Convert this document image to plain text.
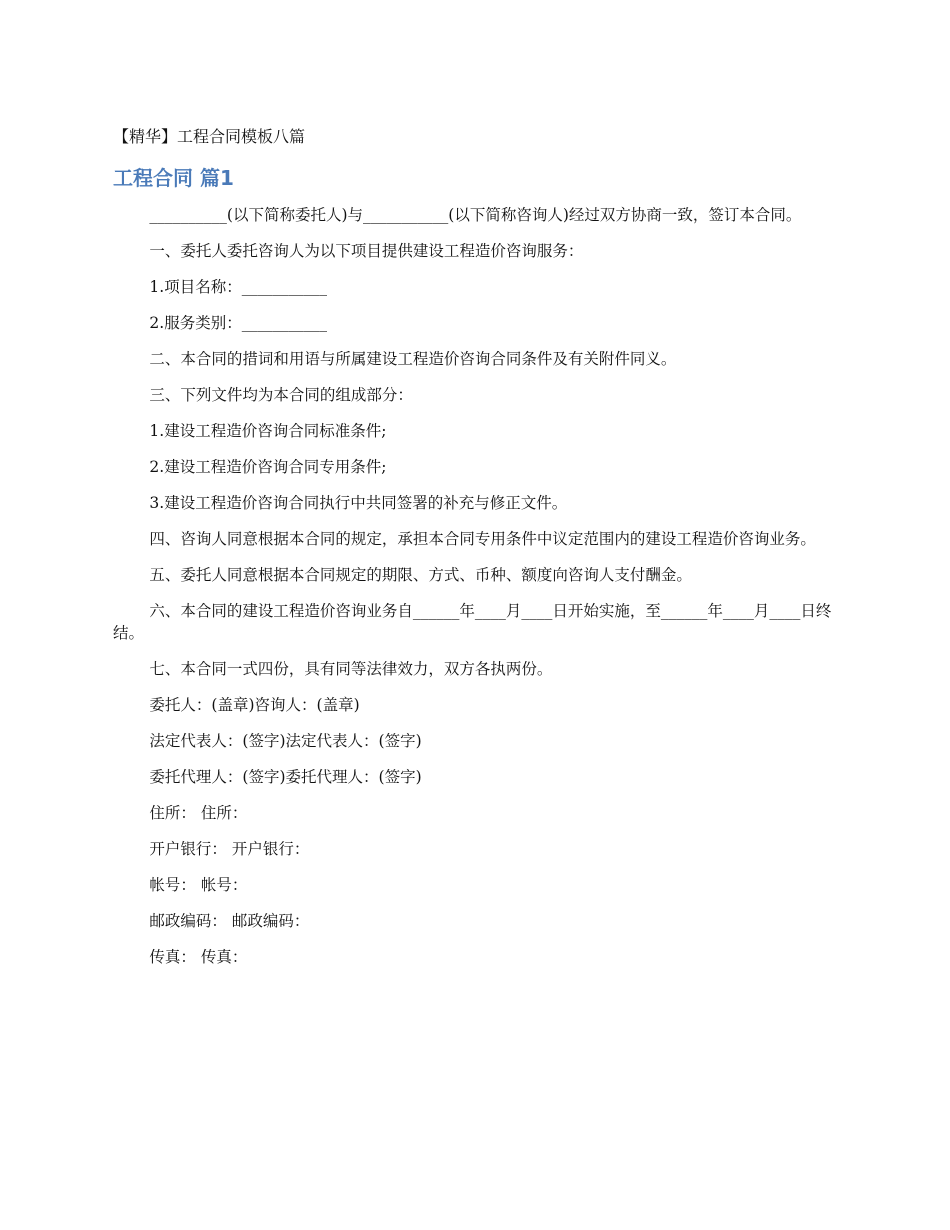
【精华】工程合同模板八篇
工程合同 篇1

__________(以下简称委托人)与___________(以下简称咨询人)经过双方协商一致，签订本合同。

一、委托人委托咨询人为以下项目提供建设工程造价咨询服务：

1.项目名称：___________

2.服务类别：___________

二、本合同的措词和用语与所属建设工程造价咨询合同条件及有关附件同义。

三、下列文件均为本合同的组成部分：

1.建设工程造价咨询合同标准条件;

2.建设工程造价咨询合同专用条件;

3.建设工程造价咨询合同执行中共同签署的补充与修正文件。

四、咨询人同意根据本合同的规定，承担本合同专用条件中议定范围内的建设工程造价咨询业务。

五、委托人同意根据本合同规定的期限、方式、币种、额度向咨询人支付酬金。

六、本合同的建设工程造价咨询业务自______年____月____日开始实施，至______年____月____日终结。

七、本合同一式四份，具有同等法律效力，双方各执两份。

委托人：(盖章)咨询人：(盖章)

法定代表人：(签字)法定代表人：(签字)

委托代理人：(签字)委托代理人：(签字)

住所： 住所：

开户银行： 开户银行：

帐号： 帐号：

邮政编码： 邮政编码：

传真： 传真：
